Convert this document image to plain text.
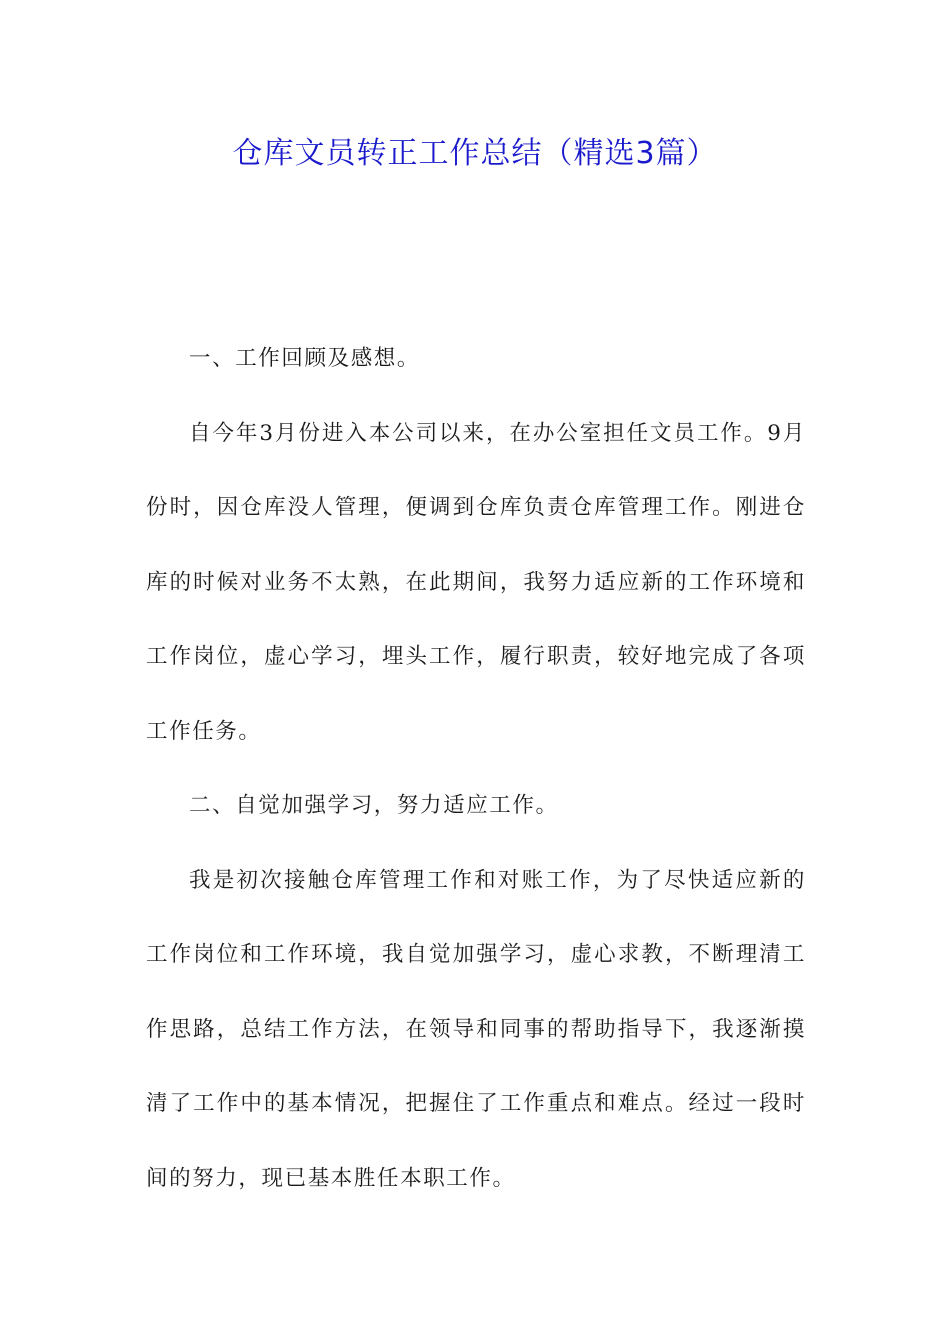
仓库文员转正工作总结（精选3篇）

一、工作回顾及感想。

自今年3月份进入本公司以来，在办公室担任文员工作。9月份时，因仓库没人管理，便调到仓库负责仓库管理工作。刚进仓库的时候对业务不太熟，在此期间，我努力适应新的工作环境和工作岗位，虚心学习，埋头工作，履行职责，较好地完成了各项工作任务。

二、自觉加强学习，努力适应工作。

我是初次接触仓库管理工作和对账工作，为了尽快适应新的工作岗位和工作环境，我自觉加强学习，虚心求教，不断理清工作思路，总结工作方法，在领导和同事的帮助指导下，我逐渐摸清了工作中的基本情况，把握住了工作重点和难点。经过一段时间的努力，现已基本胜任本职工作。
